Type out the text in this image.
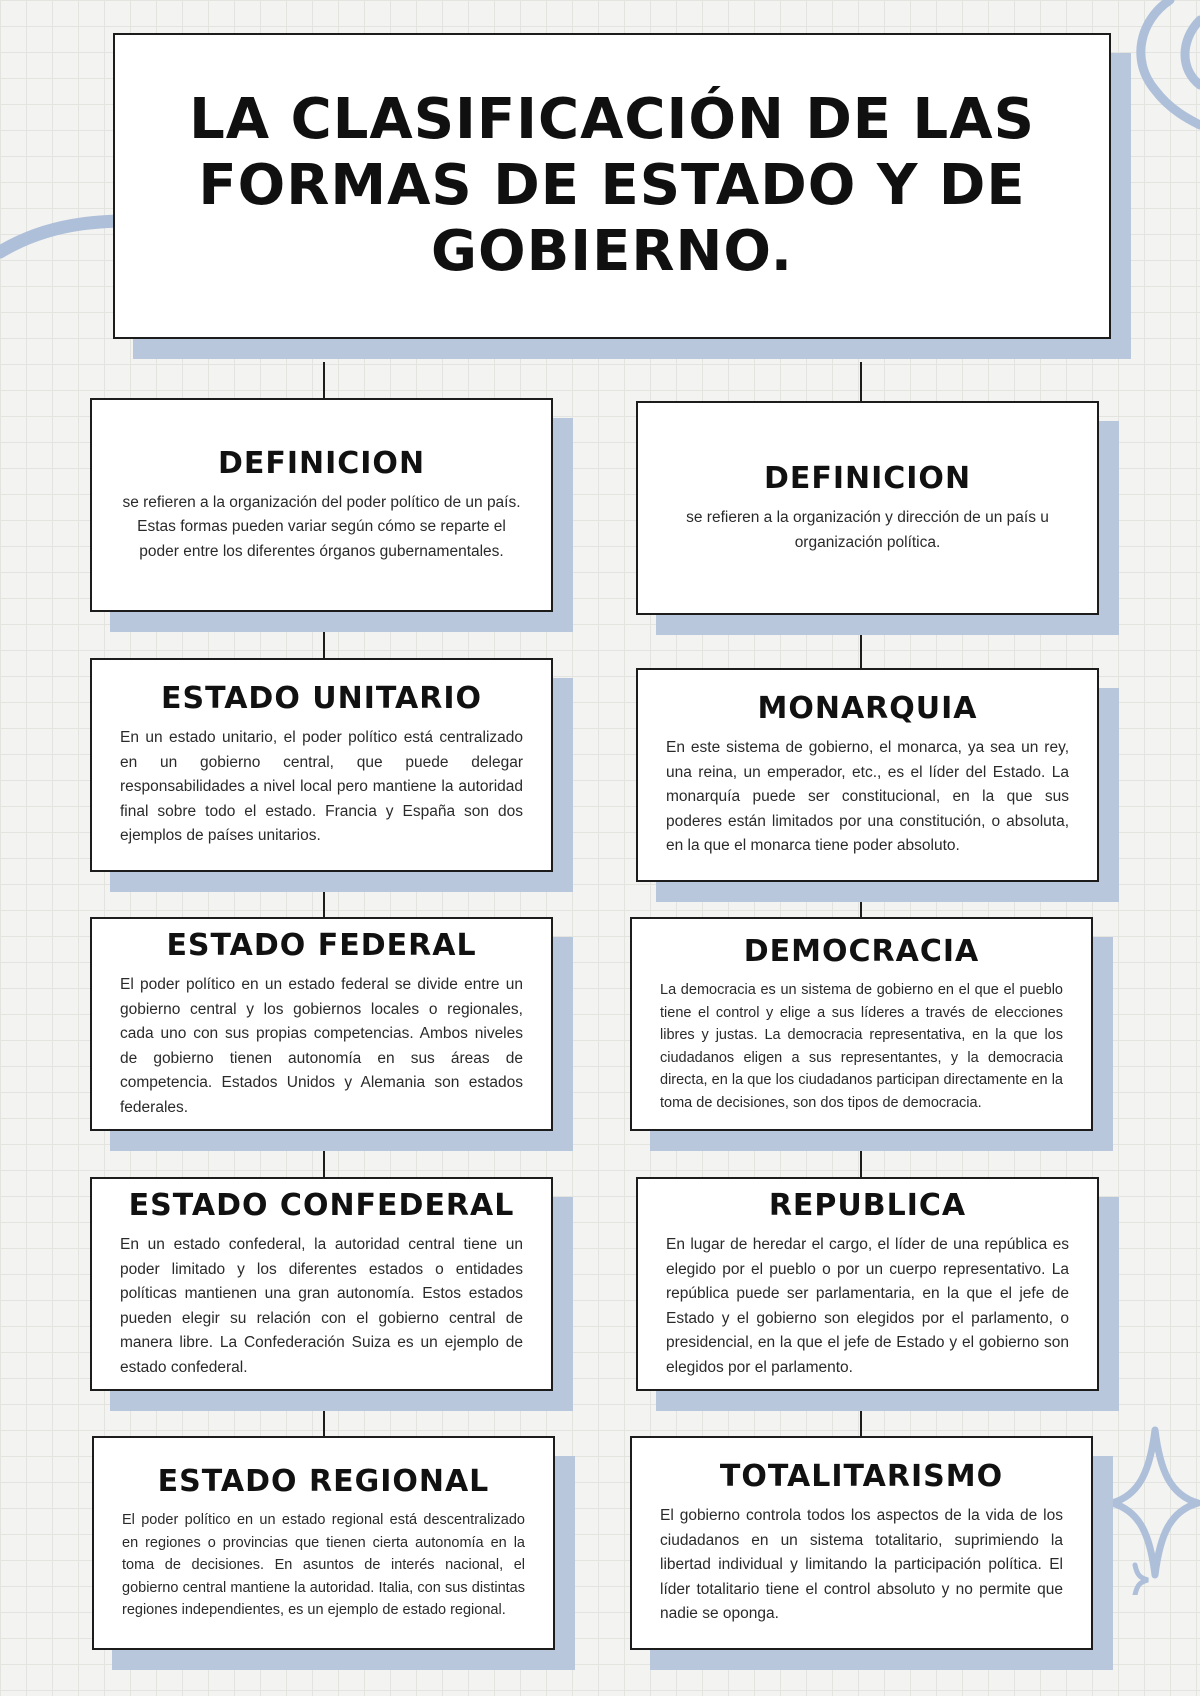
LA CLASIFICACIÓN DE LAS FORMAS DE ESTADO Y DE GOBIERNO.
DEFINICION

se refieren a la organización del poder político de un país. Estas formas pueden variar según cómo se reparte el poder entre los diferentes órganos gubernamentales.

ESTADO UNITARIO

En un estado unitario, el poder político está centralizado en un gobierno central, que puede delegar responsabilidades a nivel local pero mantiene la autoridad final sobre todo el estado. Francia y España son dos ejemplos de países unitarios.

ESTADO FEDERAL

El poder político en un estado federal se divide entre un gobierno central y los gobiernos locales o regionales, cada uno con sus propias competencias. Ambos niveles de gobierno tienen autonomía en sus áreas de competencia. Estados Unidos y Alemania son estados federales.

ESTADO CONFEDERAL

En un estado confederal, la autoridad central tiene un poder limitado y los diferentes estados o entidades políticas mantienen una gran autonomía. Estos estados pueden elegir su relación con el gobierno central de manera libre. La Confederación Suiza es un ejemplo de estado confederal.

ESTADO REGIONAL

El poder político en un estado regional está descentralizado en regiones o provincias que tienen cierta autonomía en la toma de decisiones. En asuntos de interés nacional, el gobierno central mantiene la autoridad. Italia, con sus distintas regiones independientes, es un ejemplo de estado regional.

DEFINICION

se refieren a la organización y dirección de un país u organización política.

MONARQUIA

En este sistema de gobierno, el monarca, ya sea un rey, una reina, un emperador, etc., es el líder del Estado. La monarquía puede ser constitucional, en la que sus poderes están limitados por una constitución, o absoluta, en la que el monarca tiene poder absoluto.

DEMOCRACIA

La democracia es un sistema de gobierno en el que el pueblo tiene el control y elige a sus líderes a través de elecciones libres y justas. La democracia representativa, en la que los ciudadanos eligen a sus representantes, y la democracia directa, en la que los ciudadanos participan directamente en la toma de decisiones, son dos tipos de democracia.

REPUBLICA

En lugar de heredar el cargo, el líder de una república es elegido por el pueblo o por un cuerpo representativo. La república puede ser parlamentaria, en la que el jefe de Estado y el gobierno son elegidos por el parlamento, o presidencial, en la que el jefe de Estado y el gobierno son elegidos por el parlamento.

TOTALITARISMO

El gobierno controla todos los aspectos de la vida de los ciudadanos en un sistema totalitario, suprimiendo la libertad individual y limitando la participación política. El líder totalitario tiene el control absoluto y no permite que nadie se oponga.
